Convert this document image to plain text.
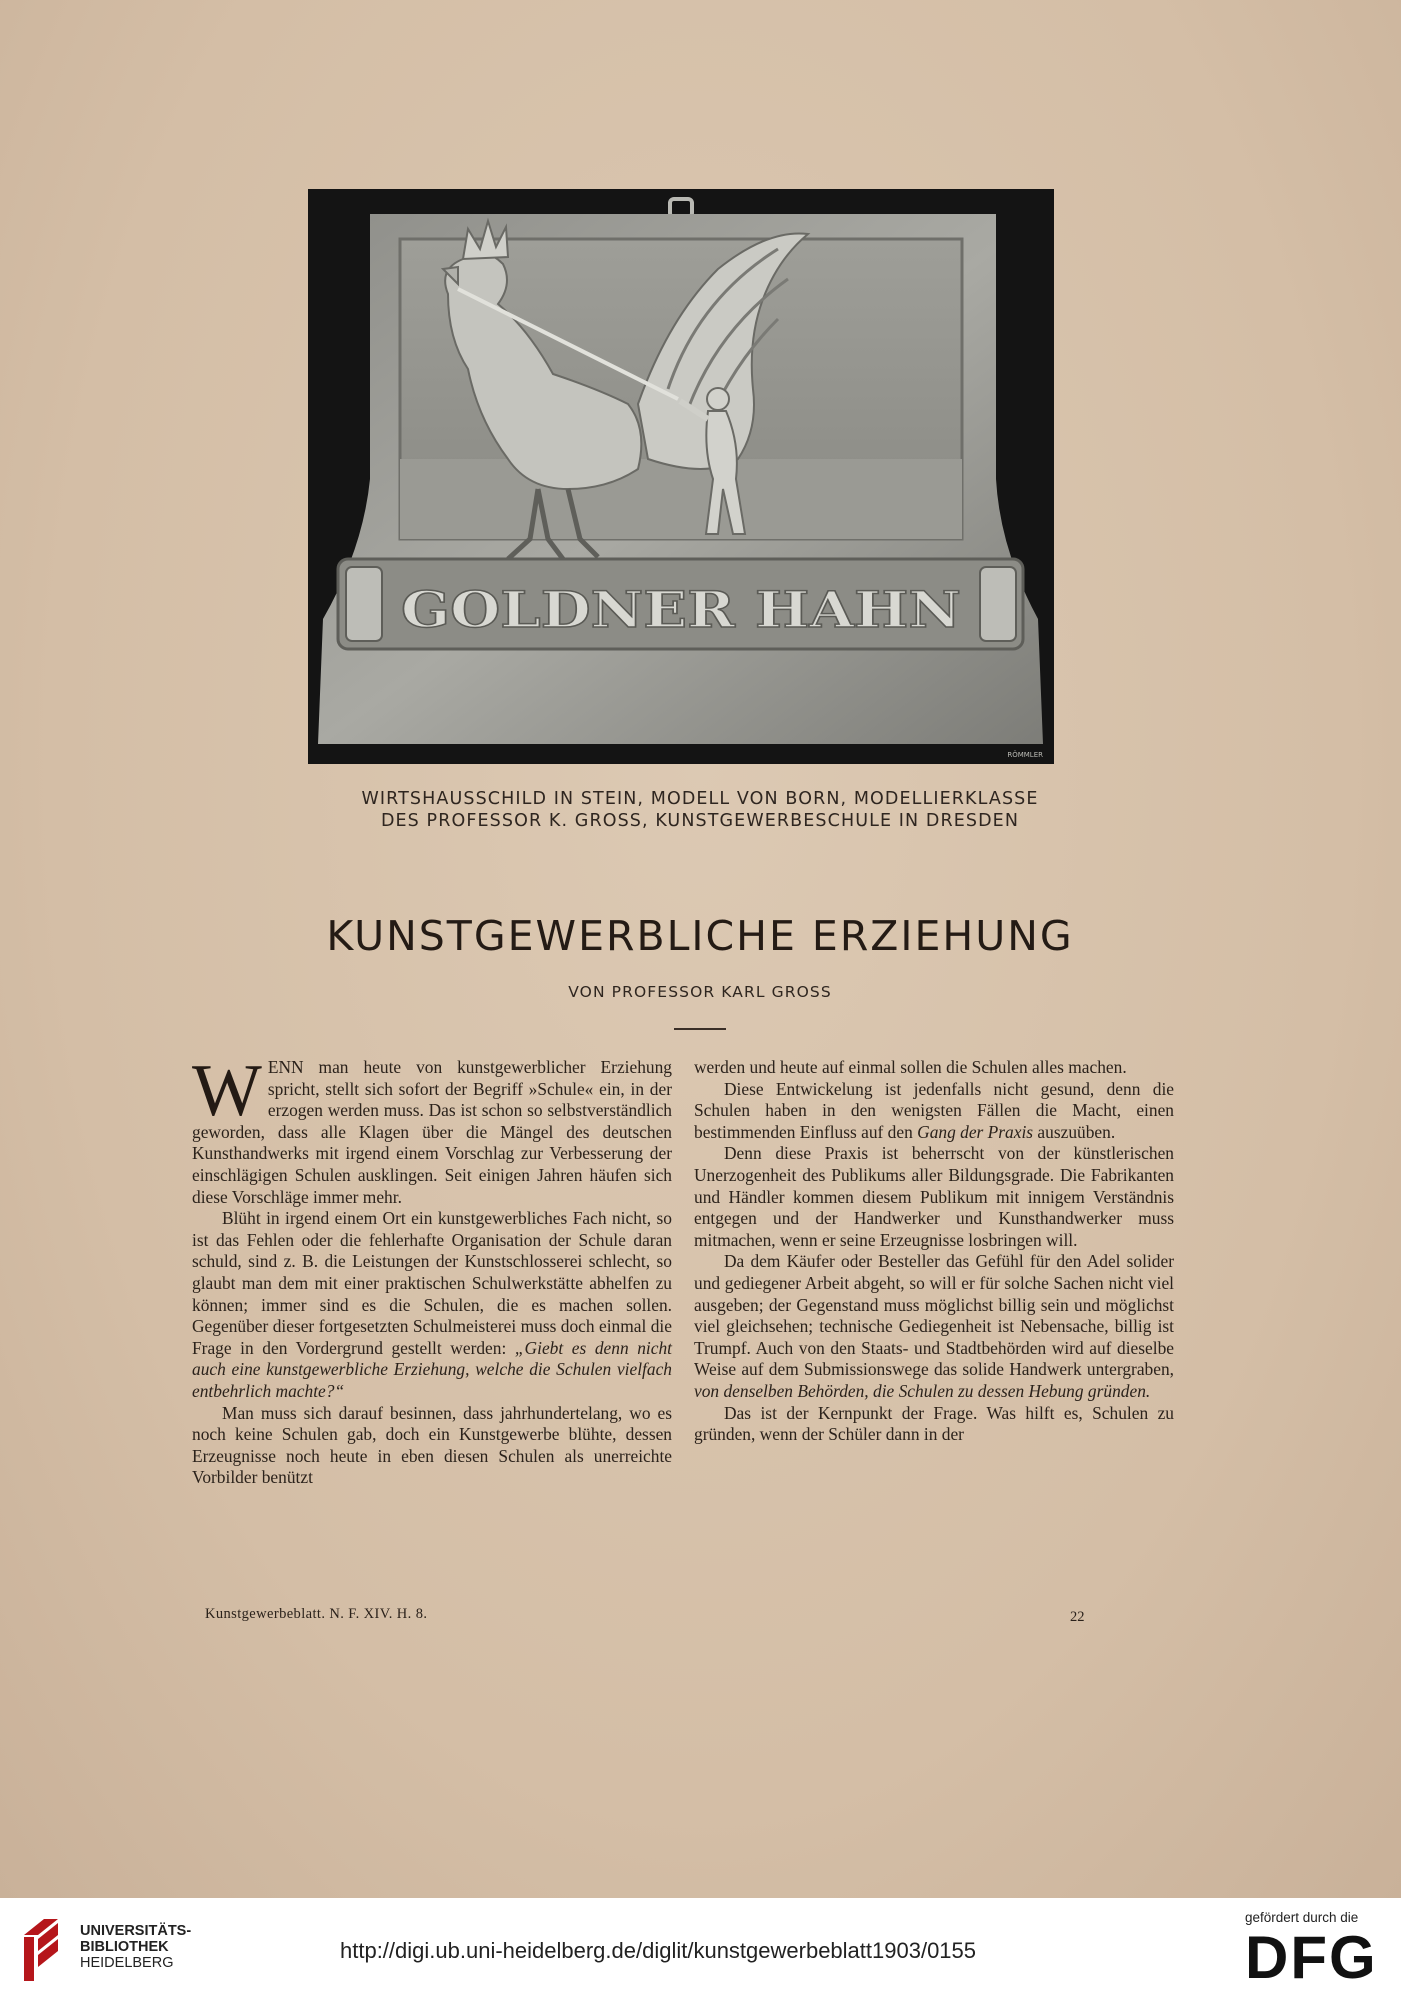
GOLDNER HAHN
RÖMMLER
WIRTSHAUSSCHILD IN STEIN, MODELL VON BORN, MODELLIERKLASSE
DES PROFESSOR K. GROSS, KUNSTGEWERBESCHULE IN DRESDEN
KUNSTGEWERBLICHE ERZIEHUNG
VON PROFESSOR KARL GROSS

WENN man heute von kunstgewerblicher Erziehung spricht, stellt sich sofort der Begriff »Schule« ein, in der erzogen werden muss. Das ist schon so selbstverständlich geworden, dass alle Klagen über die Mängel des deutschen Kunsthandwerks mit irgend einem Vorschlag zur Verbesserung der einschlägigen Schulen ausklingen. Seit einigen Jahren häufen sich diese Vorschläge immer mehr.

Blüht in irgend einem Ort ein kunstgewerbliches Fach nicht, so ist das Fehlen oder die fehlerhafte Organisation der Schule daran schuld, sind z. B. die Leistungen der Kunstschlosserei schlecht, so glaubt man dem mit einer praktischen Schulwerkstätte abhelfen zu können; immer sind es die Schulen, die es machen sollen. Gegenüber dieser fortgesetzten Schulmeisterei muss doch einmal die Frage in den Vordergrund gestellt werden: „Giebt es denn nicht auch eine kunstgewerbliche Erziehung, welche die Schulen vielfach entbehrlich machte?“

Man muss sich darauf besinnen, dass jahrhundertelang, wo es noch keine Schulen gab, doch ein Kunstgewerbe blühte, dessen Erzeugnisse noch heute in eben diesen Schulen als unerreichte Vorbilder benützt

werden und heute auf einmal sollen die Schulen alles machen.

Diese Entwickelung ist jedenfalls nicht gesund, denn die Schulen haben in den wenigsten Fällen die Macht, einen bestimmenden Einfluss auf den Gang der Praxis auszuüben.

Denn diese Praxis ist beherrscht von der künstlerischen Unerzogenheit des Publikums aller Bildungsgrade. Die Fabrikanten und Händler kommen diesem Publikum mit innigem Verständnis entgegen und der Handwerker und Kunsthandwerker muss mitmachen, wenn er seine Erzeugnisse losbringen will.

Da dem Käufer oder Besteller das Gefühl für den Adel solider und gediegener Arbeit abgeht, so will er für solche Sachen nicht viel ausgeben; der Gegenstand muss möglichst billig sein und möglichst viel gleichsehen; technische Gediegenheit ist Nebensache, billig ist Trumpf. Auch von den Staats- und Stadtbehörden wird auf dieselbe Weise auf dem Submissionswege das solide Handwerk untergraben, von denselben Behörden, die Schulen zu dessen Hebung gründen.

Das ist der Kernpunkt der Frage. Was hilft es, Schulen zu gründen, wenn der Schüler dann in der

Kunstgewerbeblatt. N. F. XIV. H. 8.	22
UNIVERSITÄTS-
BIBLIOTHEK
HEIDELBERG	http://digi.ub.uni-heidelberg.de/diglit/kunstgewerbeblatt1903/0155
gefördert durch die
DFG
